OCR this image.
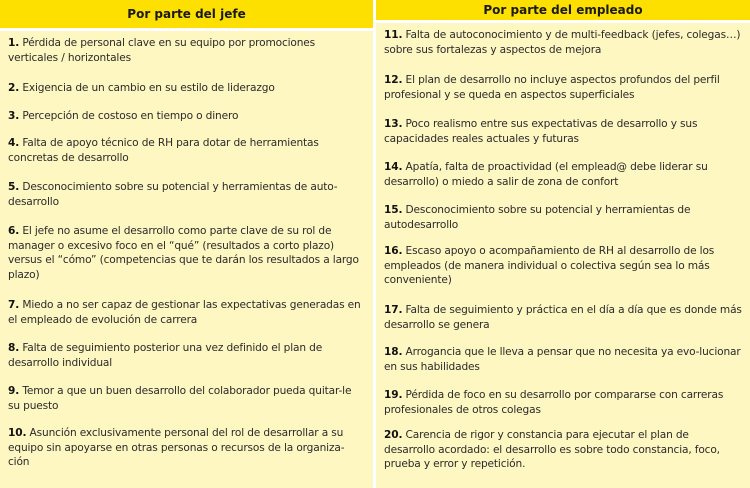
Por parte del jefe
1. Pérdida de personal clave en su equipo por promociones verticales / horizontales
2. Exigencia de un cambio en su estilo de liderazgo
3. Percepción de costoso en tiempo o dinero
4. Falta de apoyo técnico de RH para dotar de herramientas concretas de desarrollo
5. Desconocimiento sobre su potencial y herramientas de auto-desarrollo
6. El jefe no asume el desarrollo como parte clave de su rol de manager o excesivo foco en el “qué” (resultados a corto plazo) versus el “cómo” (competencias que te darán los resultados a largo plazo)
7. Miedo a no ser capaz de gestionar las expectativas generadas en el empleado de evolución de carrera
8. Falta de seguimiento posterior una vez definido el plan de desarrollo individual
9. Temor a que un buen desarrollo del colaborador pueda quitar-le su puesto
10. Asunción exclusivamente personal del rol de desarrollar a su equipo sin apoyarse en otras personas o recursos de la organiza-ción
Por parte del empleado
11. Falta de autoconocimiento y de multi-feedback (jefes, colegas…) sobre sus fortalezas y aspectos de mejora
12. El plan de desarrollo no incluye aspectos profundos del perfil profesional y se queda en aspectos superficiales
13. Poco realismo entre sus expectativas de desarrollo y sus capacidades reales actuales y futuras
14. Apatía, falta de proactividad (el emplead@ debe liderar su desarrollo) o miedo a salir de zona de confort
15. Desconocimiento sobre su potencial y herramientas de autodesarrollo
16. Escaso apoyo o acompañamiento de RH al desarrollo de los empleados (de manera individual o colectiva según sea lo más conveniente)
17. Falta de seguimiento y práctica en el día a día que es donde más desarrollo se genera
18. Arrogancia que le lleva a pensar que no necesita ya evo-lucionar en sus habilidades
19. Pérdida de foco en su desarrollo por compararse con carreras profesionales de otros colegas
20. Carencia de rigor y constancia para ejecutar el plan de desarrollo acordado: el desarrollo es sobre todo constancia, foco, prueba y error y repetición.
